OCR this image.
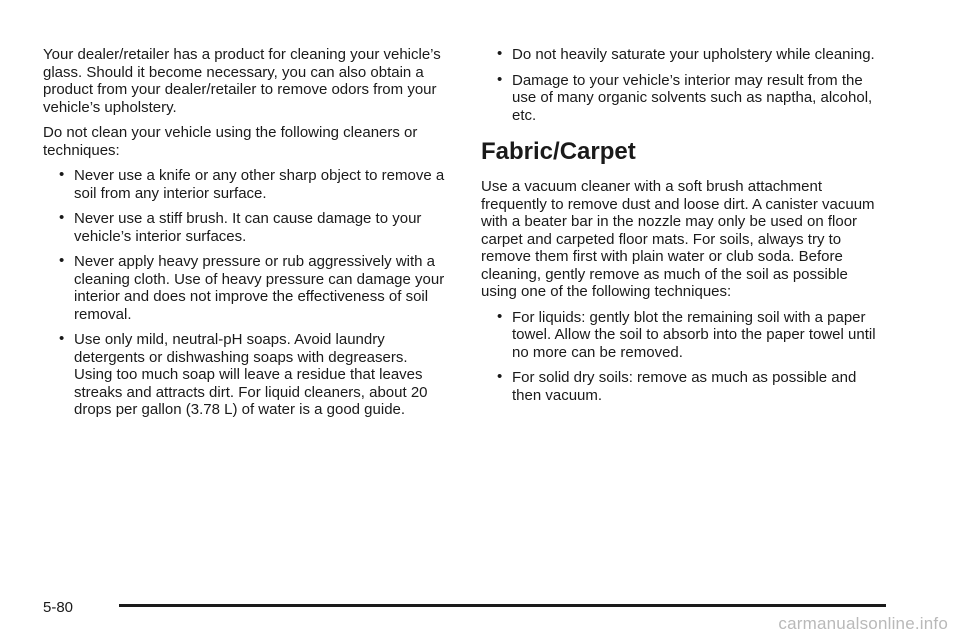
Your dealer/retailer has a product for cleaning your vehicle’s glass. Should it become necessary, you can also obtain a product from your dealer/retailer to remove odors from your vehicle’s upholstery.

Do not clean your vehicle using the following cleaners or techniques:

• Never use a knife or any other sharp object to remove a soil from any interior surface.
• Never use a stiff brush. It can cause damage to your vehicle’s interior surfaces.
• Never apply heavy pressure or rub aggressively with a cleaning cloth. Use of heavy pressure can damage your interior and does not improve the effectiveness of soil removal.
• Use only mild, neutral-pH soaps. Avoid laundry detergents or dishwashing soaps with degreasers. Using too much soap will leave a residue that leaves streaks and attracts dirt. For liquid cleaners, about 20 drops per gallon (3.78 L) of water is a good guide.
• Do not heavily saturate your upholstery while cleaning.
• Damage to your vehicle’s interior may result from the use of many organic solvents such as naptha, alcohol, etc.
Fabric/Carpet

Use a vacuum cleaner with a soft brush attachment frequently to remove dust and loose dirt. A canister vacuum with a beater bar in the nozzle may only be used on floor carpet and carpeted floor mats. For soils, always try to remove them first with plain water or club soda. Before cleaning, gently remove as much of the soil as possible using one of the following techniques:

• For liquids: gently blot the remaining soil with a paper towel. Allow the soil to absorb into the paper towel until no more can be removed.
• For solid dry soils: remove as much as possible and then vacuum.
5-80
carmanualsonline.info
